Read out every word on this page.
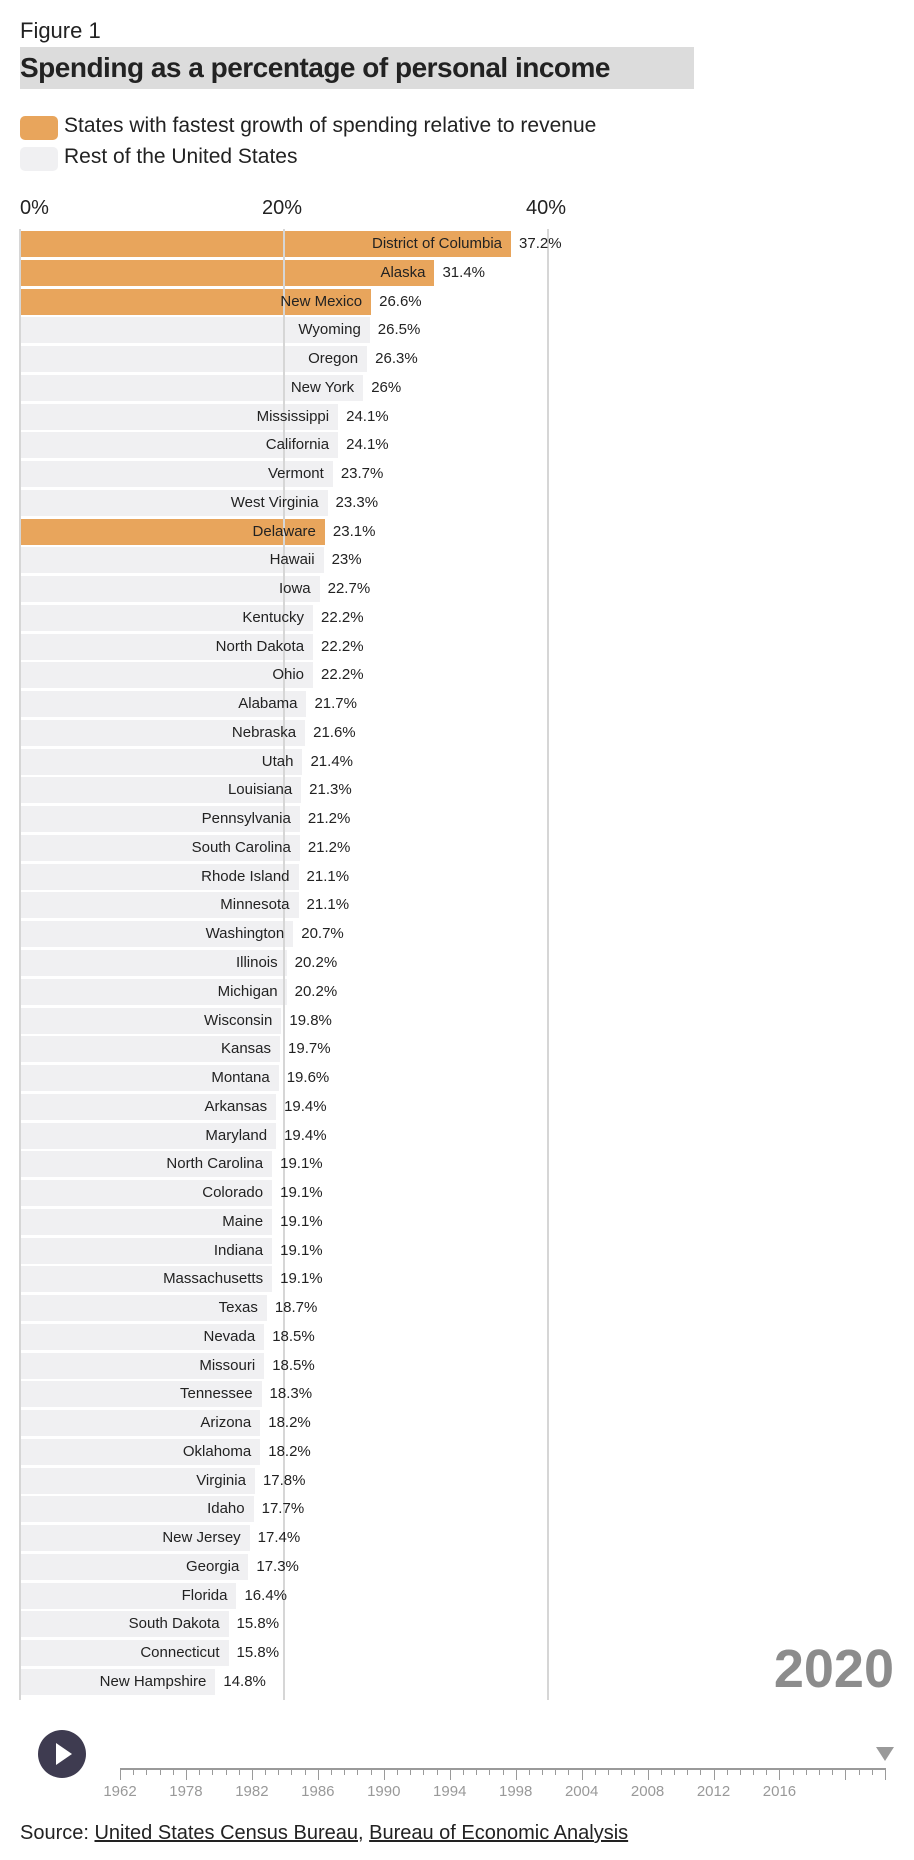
Figure 1
Spending as a percentage of personal income
States with fastest growth of spending relative to revenue
Rest of the United States
0%	20%	40%
District of Columbia 37.2%
Alaska 31.4%
New Mexico 26.6%
Wyoming 26.5%
Oregon 26.3%
New York 26%
Mississippi 24.1%
California 24.1%
Vermont 23.7%
West Virginia 23.3%
Delaware 23.1%
Hawaii 23%
Iowa 22.7%
Kentucky 22.2%
North Dakota 22.2%
Ohio 22.2%
Alabama 21.7%
Nebraska 21.6%
Utah 21.4%
Louisiana 21.3%
Pennsylvania 21.2%
South Carolina 21.2%
Rhode Island 21.1%
Minnesota 21.1%
Washington 20.7%
Illinois 20.2%
Michigan 20.2%
Wisconsin 19.8%
Kansas 19.7%
Montana 19.6%
Arkansas 19.4%
Maryland 19.4%
North Carolina 19.1%
Colorado 19.1%
Maine 19.1%
Indiana 19.1%
Massachusetts 19.1%
Texas 18.7%
Nevada 18.5%
Missouri 18.5%
Tennessee 18.3%
Arizona 18.2%
Oklahoma 18.2%
Virginia 17.8%
Idaho 17.7%
New Jersey 17.4%
Georgia 17.3%
Florida 16.4%
South Dakota 15.8%
Connecticut 15.8%
New Hampshire 14.8%	2020
1962 1978 1982 1986 1990 1994 1998 2004 2008 2012 2016
Source: United States Census Bureau, Bureau of Economic Analysis
